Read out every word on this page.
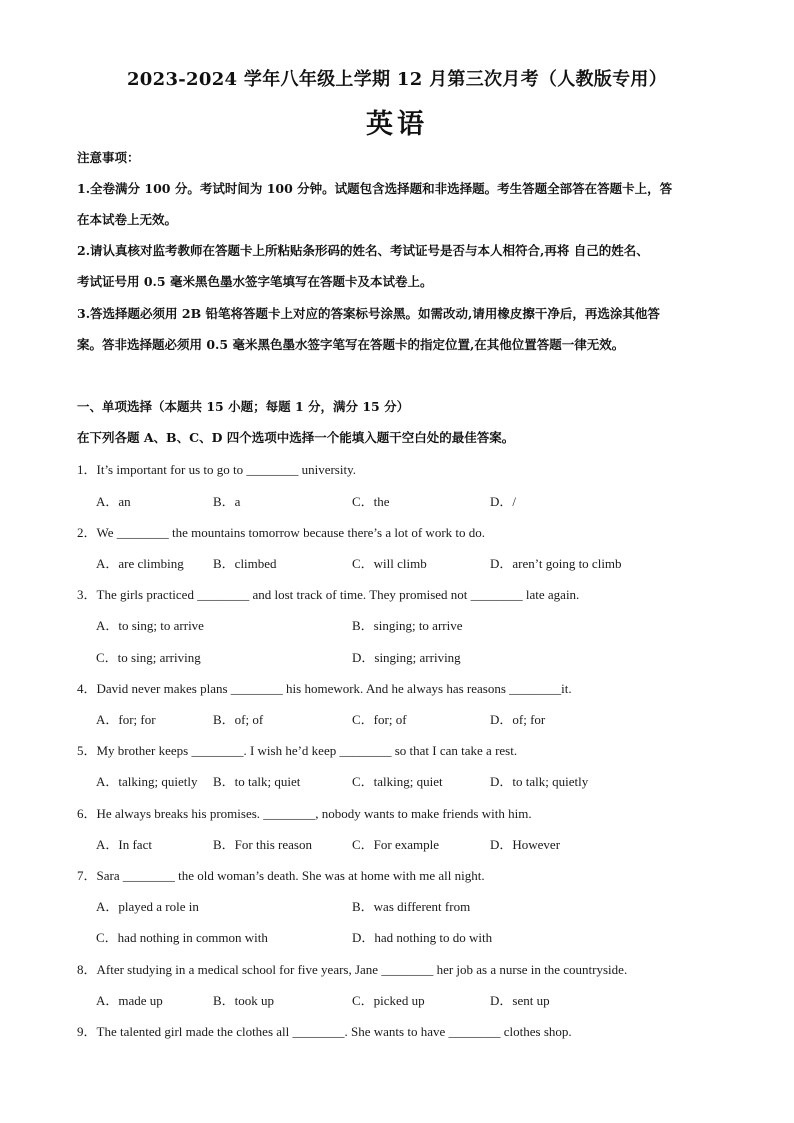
2023-2024 学年八年级上学期 12 月第三次月考（人教版专用）
英语
注意事项：
1.全卷满分 100 分。考试时间为 100 分钟。试题包含选择题和非选择题。考生答题全部答在答题卡上，答
在本试卷上无效。
2.请认真核对监考教师在答题卡上所粘贴条形码的姓名、考试证号是否与本人相符合,再将 自己的姓名、
考试证号用 0.5 毫米黑色墨水签字笔填写在答题卡及本试卷上。
3.答选择题必须用 2B 铅笔将答题卡上对应的答案标号涂黑。如需改动,请用橡皮擦干净后，再选涂其他答
案。答非选择题必须用 0.5 毫米黑色墨水签字笔写在答题卡的指定位置,在其他位置答题一律无效。
一、单项选择（本题共 15 小题；每题 1 分，满分 15 分）
在下列各题 A、B、C、D 四个选项中选择一个能填入题干空白处的最佳答案。
1．It’s important for us to go to ________ university.
A．an	B．a	C．the	D．/
2．We ________ the mountains tomorrow because there’s a lot of work to do.
A．are climbing B．climbed	C．will climb	D．aren’t going to climb
3．The girls practiced ________ and lost track of time. They promised not ________ late again.
A．to sing; to arrive	B．singing; to arrive
C．to sing; arriving	D．singing; arriving
4．David never makes plans ________ his homework. And he always has reasons ________it.
A．for; for	B．of; of	C．for; of	D．of; for
5．My brother keeps ________. I wish he’d keep ________ so that I can take a rest.
A．talking; quietly B．to talk; quiet	C．talking; quiet	D．to talk; quietly
6．He always breaks his promises. ________, nobody wants to make friends with him.
A．In fact	B．For this reason	C．For example	D．However
7．Sara ________ the old woman’s death. She was at home with me all night.
A．played a role in	B．was different from
C．had nothing in common with	D．had nothing to do with
8．After studying in a medical school for five years, Jane ________ her job as a nurse in the countryside.
A．made up	B．took up	C．picked up	D．sent up
9．The talented girl made the clothes all ________. She wants to have ________ clothes shop.
